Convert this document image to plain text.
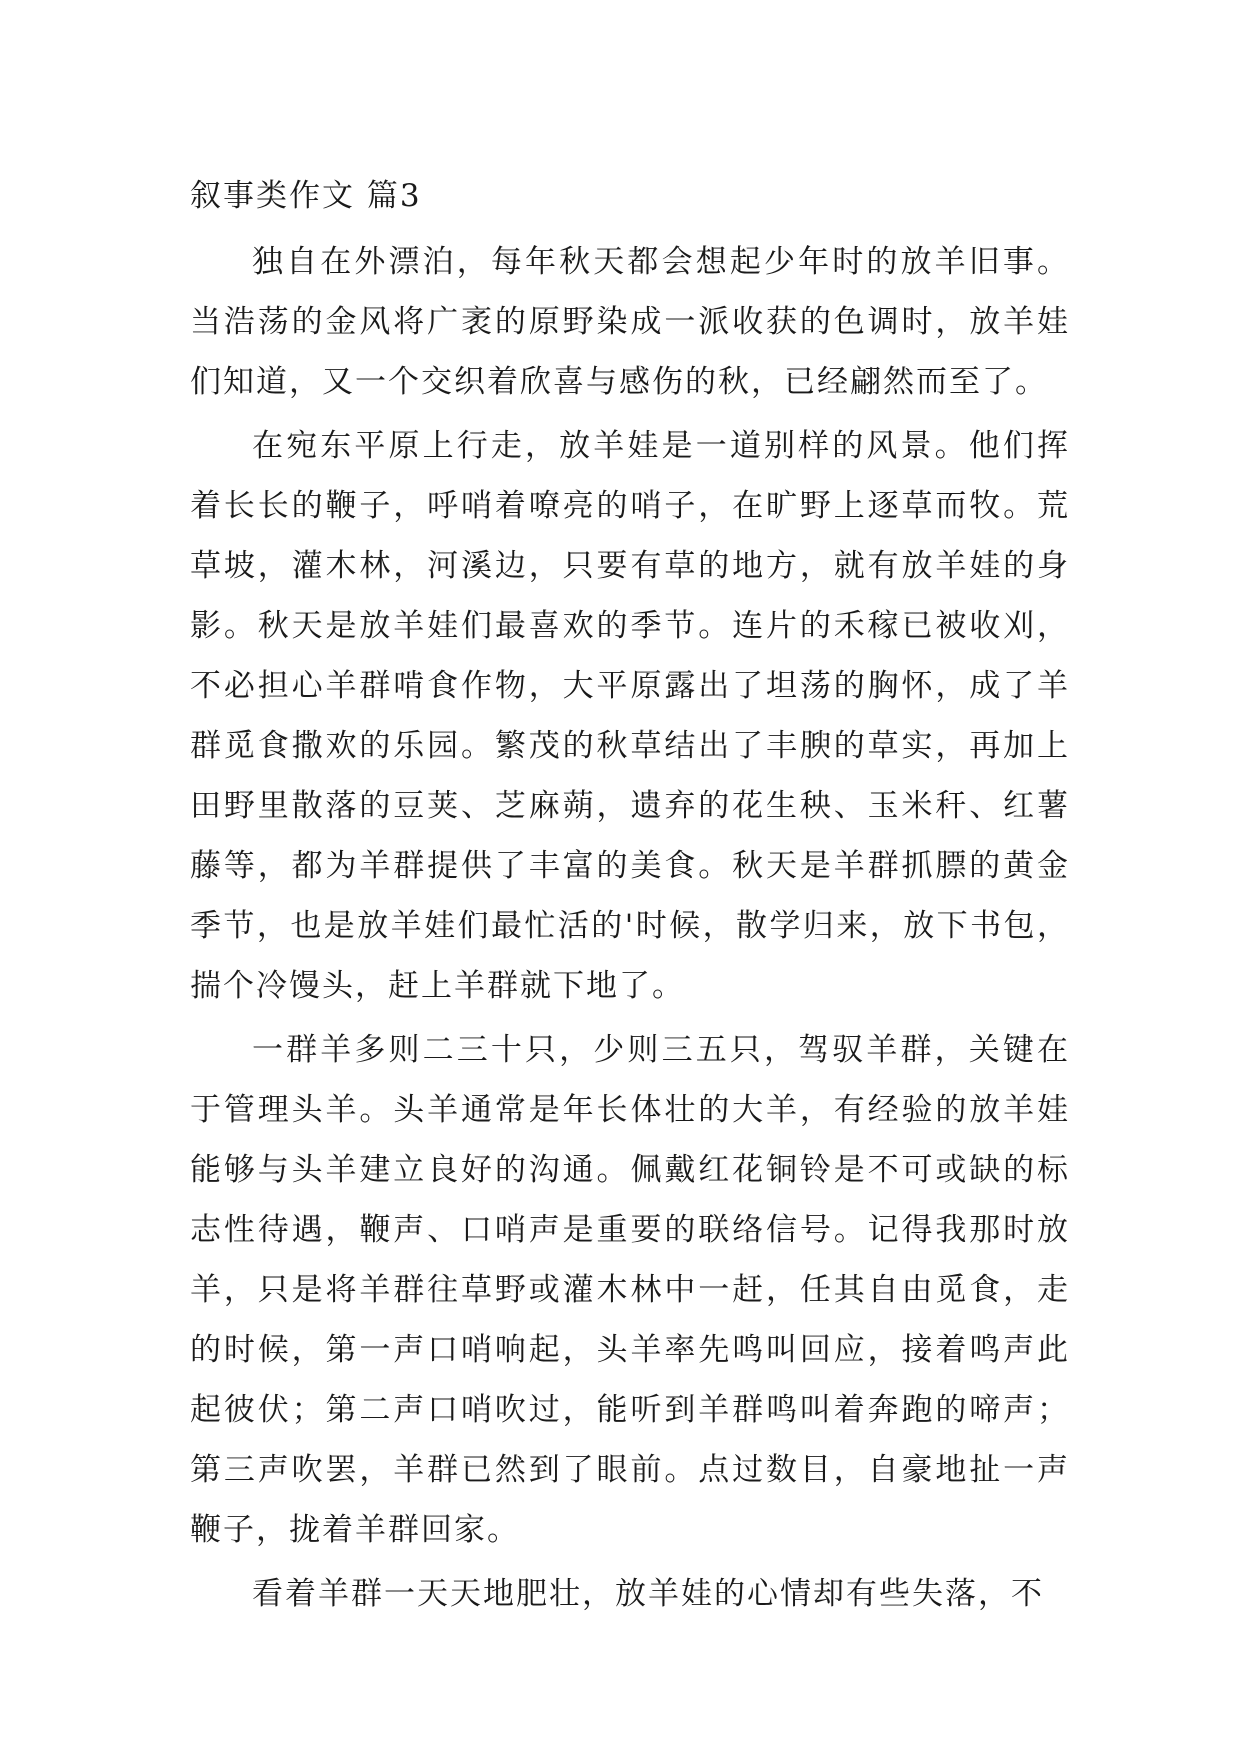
叙事类作文 篇3

独自在外漂泊，每年秋天都会想起少年时的放羊旧事。当浩荡的金风将广袤的原野染成一派收获的色调时，放羊娃们知道，又一个交织着欣喜与感伤的秋，已经翩然而至了。

在宛东平原上行走，放羊娃是一道别样的风景。他们挥着长长的鞭子，呼哨着嘹亮的哨子，在旷野上逐草而牧。荒草坡，灌木林，河溪边，只要有草的地方，就有放羊娃的身影。秋天是放羊娃们最喜欢的季节。连片的禾稼已被收刈，不必担心羊群啃食作物，大平原露出了坦荡的胸怀，成了羊群觅食撒欢的乐园。繁茂的秋草结出了丰腴的草实，再加上田野里散落的豆荚、芝麻蒴，遗弃的花生秧、玉米秆、红薯藤等，都为羊群提供了丰富的美食。秋天是羊群抓膘的黄金季节，也是放羊娃们最忙活的'时候，散学归来，放下书包，揣个冷馒头，赶上羊群就下地了。

一群羊多则二三十只，少则三五只，驾驭羊群，关键在于管理头羊。头羊通常是年长体壮的大羊，有经验的放羊娃能够与头羊建立良好的沟通。佩戴红花铜铃是不可或缺的标志性待遇，鞭声、口哨声是重要的联络信号。记得我那时放羊，只是将羊群往草野或灌木林中一赶，任其自由觅食，走的时候，第一声口哨响起，头羊率先鸣叫回应，接着鸣声此起彼伏；第二声口哨吹过，能听到羊群鸣叫着奔跑的啼声；第三声吹罢，羊群已然到了眼前。点过数目，自豪地扯一声鞭子，拢着羊群回家。

看着羊群一天天地肥壮，放羊娃的心情却有些失落，不
